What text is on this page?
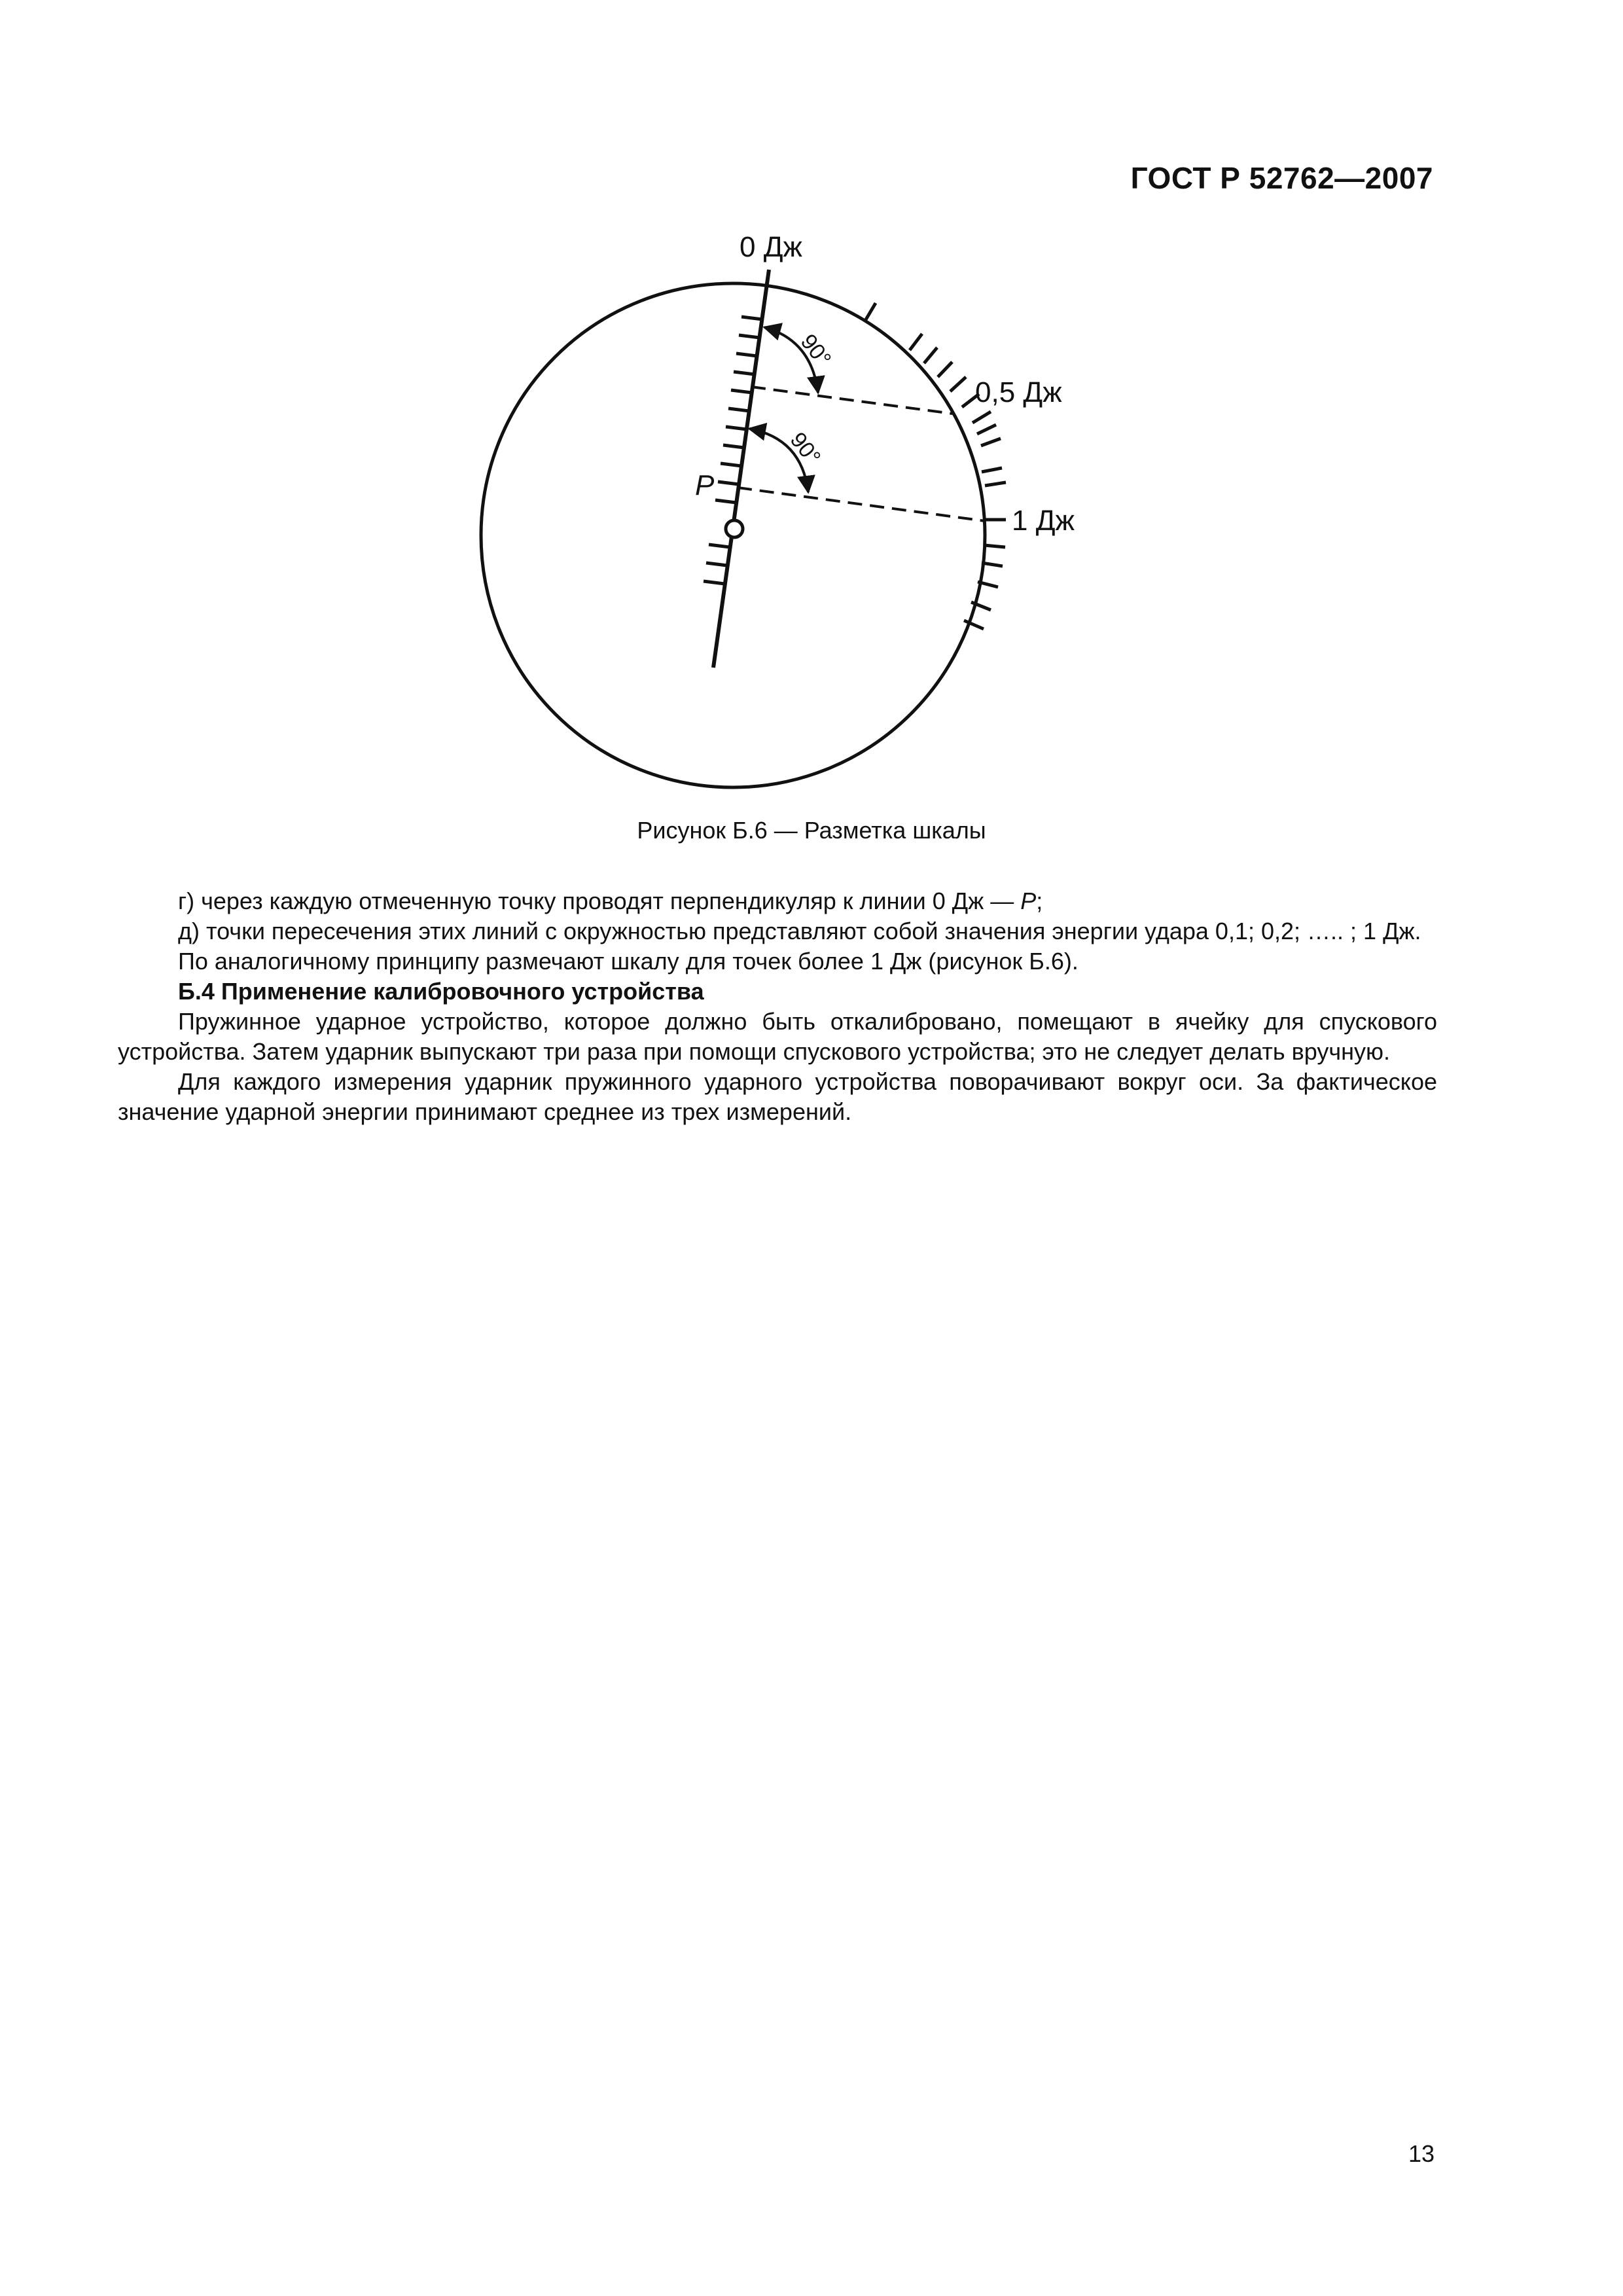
ГОСТ Р 52762—2007
0 Дж
0,5 Дж
1 Дж
P
90°
90°
Рисунок Б.6 — Разметка шкалы

г) через каждую отмеченную точку проводят перпендикуляр к линии 0 Дж — P;

д) точки пересечения этих линий с окружностью представляют собой значения энергии удара 0,1; 0,2; ….. ; 1 Дж.

По аналогичному принципу размечают шкалу для точек более 1 Дж (рисунок Б.6).

Б.4 Применение калибровочного устройства

Пружинное ударное устройство, которое должно быть откалибровано, помещают в ячейку для спускового устройства. Затем ударник выпускают три раза при помощи спускового устройства; это не следует делать вручную.

Для каждого измерения ударник пружинного ударного устройства поворачивают вокруг оси. За фактическое значение ударной энергии принимают среднее из трех измерений.

13
